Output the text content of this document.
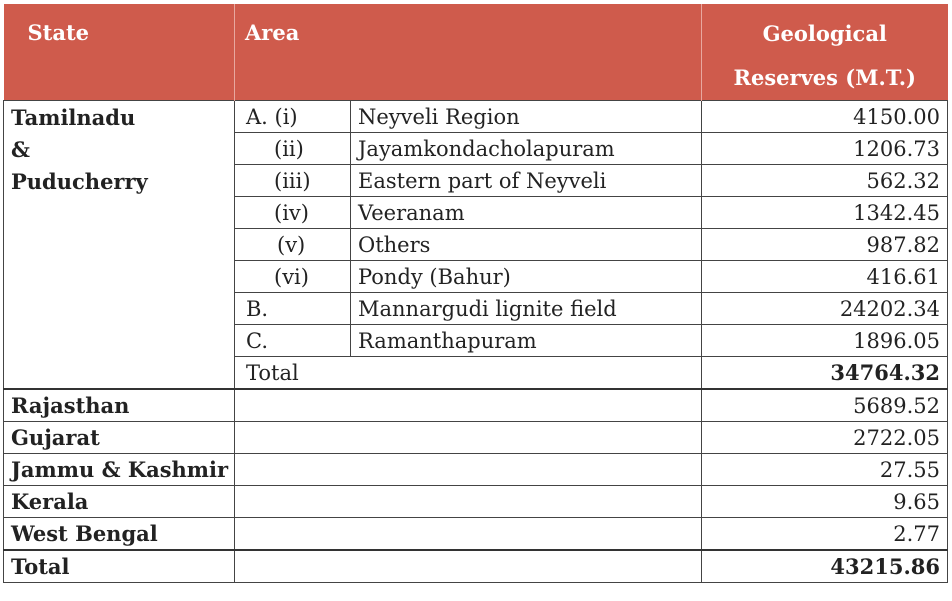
State	Area		Geological
Reserves (M.T.)
Tamilnadu
&
Puducherry	A. (i)	Neyveli Region	4150.00
	(ii)	Jayamkondacholapuram	1206.73
	(iii)	Eastern part of Neyveli	562.32
	(iv)	Veeranam	1342.45
	(v)	Others	987.82
	(vi)	Pondy (Bahur)	416.61
	B.	Mannargudi lignite field	24202.34
	C.	Ramanthapuram	1896.05
	Total		34764.32
Rajasthan			5689.52
Gujarat			2722.05
Jammu & Kashmir			27.55
Kerala			9.65
West Bengal			2.77
Total			43215.86
